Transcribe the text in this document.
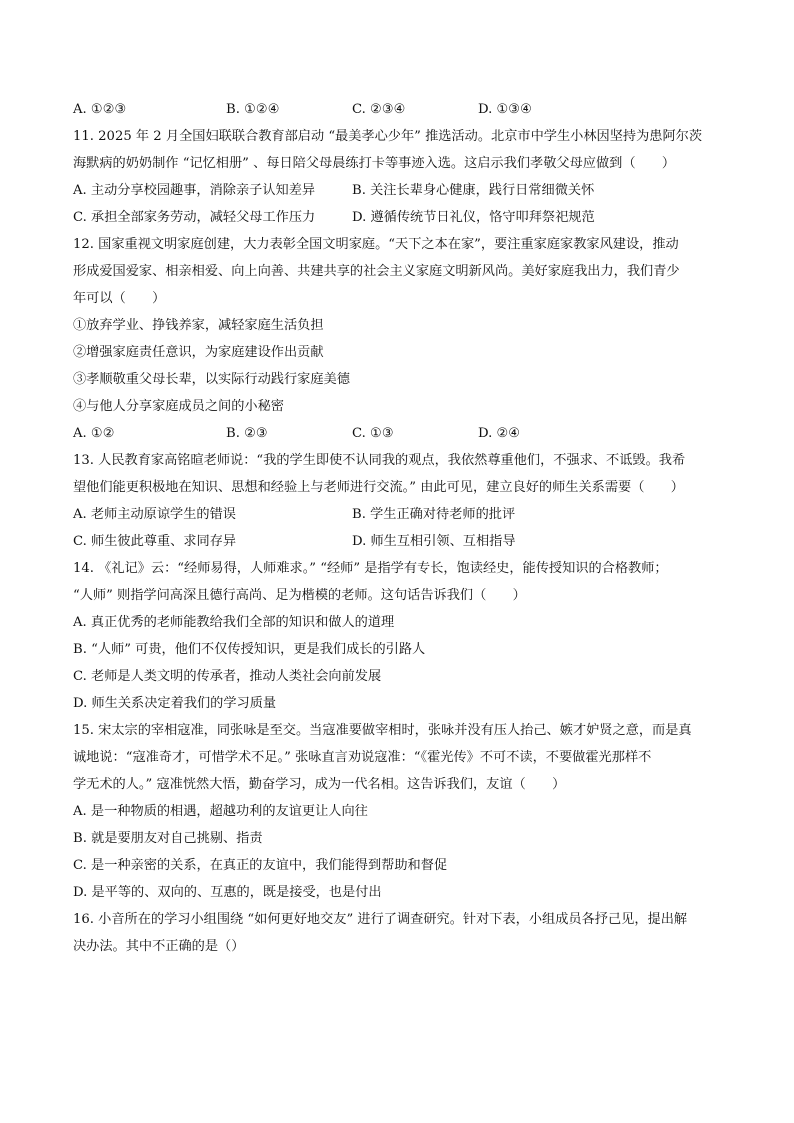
A. ①②③	B. ①②④	C. ②③④	D. ①③④
11. 2025 年 2 月全国妇联联合教育部启动 “最美孝心少年” 推选活动。北京市中学生小林因坚持为患阿尔茨
海默病的奶奶制作 “记忆相册” 、每日陪父母晨练打卡等事迹入选。这启示我们孝敬父母应做到（　　）
A. 主动分享校园趣事，消除亲子认知差异	B. 关注长辈身心健康，践行日常细微关怀
C. 承担全部家务劳动，减轻父母工作压力	D. 遵循传统节日礼仪，恪守叩拜祭祀规范
12. 国家重视文明家庭创建，大力表彰全国文明家庭。“天下之本在家”，要注重家庭家教家风建设，推动
形成爱国爱家、相亲相爱、向上向善、共建共享的社会主义家庭文明新风尚。美好家庭我出力，我们青少
年可以（　　）
①放弃学业、挣钱养家，减轻家庭生活负担
②增强家庭责任意识，为家庭建设作出贡献
③孝顺敬重父母长辈，以实际行动践行家庭美德
④与他人分享家庭成员之间的小秘密
A. ①②	B. ②③	C. ①③	D. ②④
13. 人民教育家高铭暄老师说：“我的学生即使不认同我的观点，我依然尊重他们，不强求、不诋毁。我希
望他们能更积极地在知识、思想和经验上与老师进行交流。” 由此可见，建立良好的师生关系需要（　　）
A. 老师主动原谅学生的错误	B. 学生正确对待老师的批评
C. 师生彼此尊重、求同存异	D. 师生互相引领、互相指导
14. 《礼记》云：“经师易得，人师难求。” “经师” 是指学有专长，饱读经史，能传授知识的合格教师；
“人师” 则指学问高深且德行高尚、足为楷模的老师。这句话告诉我们（　　）
A. 真正优秀的老师能教给我们全部的知识和做人的道理
B. “人师” 可贵，他们不仅传授知识，更是我们成长的引路人
C. 老师是人类文明的传承者，推动人类社会向前发展
D. 师生关系决定着我们的学习质量
15. 宋太宗的宰相寇准，同张咏是至交。当寇准要做宰相时，张咏并没有压人抬己、嫉才妒贤之意，而是真
诚地说：“寇准奇才，可惜学术不足。” 张咏直言劝说寇准：“《霍光传》不可不读，不要做霍光那样不
学无术的人。” 寇准恍然大悟，勤奋学习，成为一代名相。这告诉我们，友谊（　　）
A. 是一种物质的相遇，超越功利的友谊更让人向往
B. 就是要朋友对自己挑剔、指责
C. 是一种亲密的关系，在真正的友谊中，我们能得到帮助和督促
D. 是平等的、双向的、互惠的，既是接受，也是付出
16. 小音所在的学习小组围绕 “如何更好地交友” 进行了调查研究。针对下表，小组成员各抒己见，提出解
决办法。其中不正确的是（）
